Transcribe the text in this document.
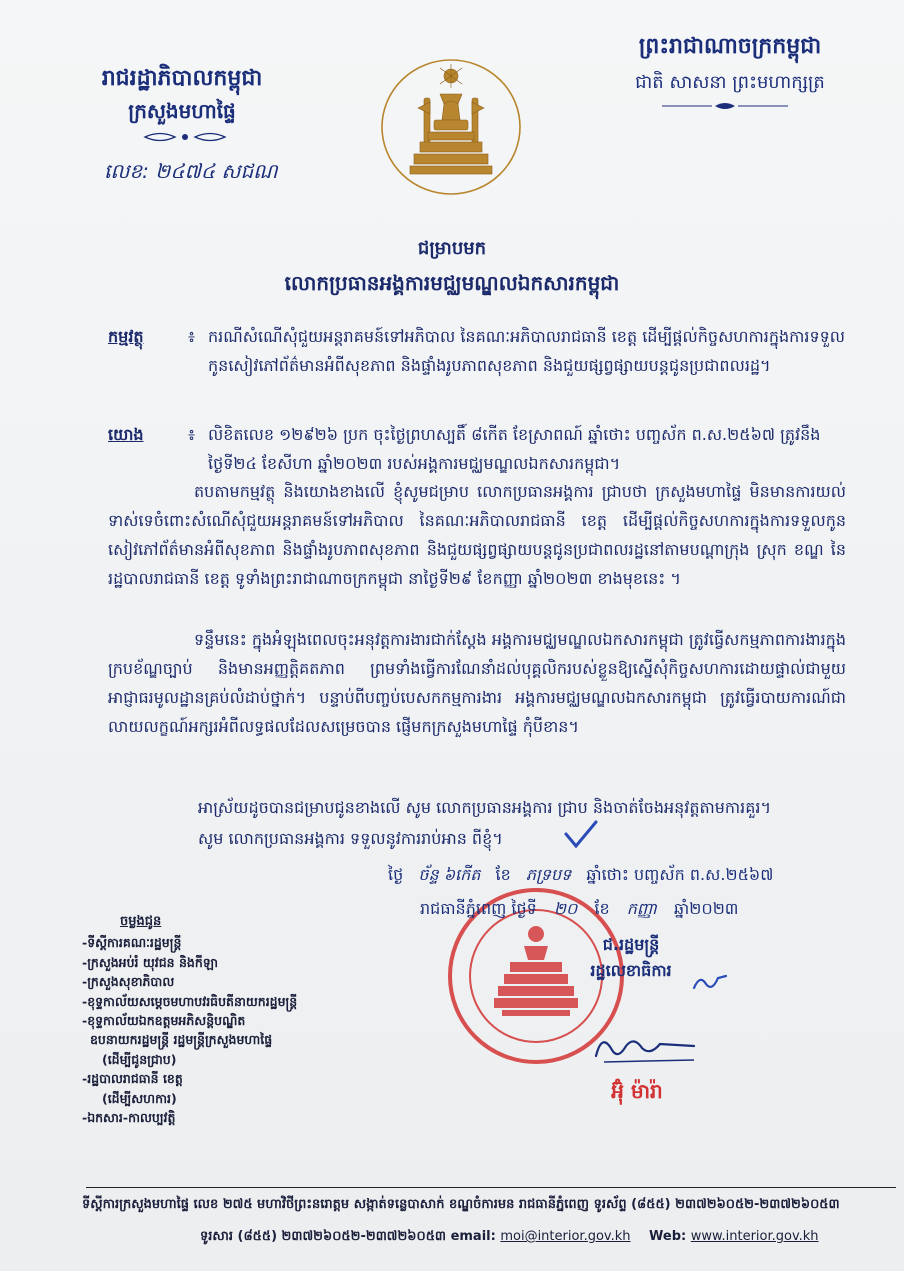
រាជរដ្ឋាភិបាលកម្ពុជា
ក្រសួងមហាផ្ទៃ
លេខ: ២៤៧៤ សជណ
ព្រះរាជាណាចក្រកម្ពុជា
ជាតិ សាសនា ព្រះមហាក្សត្រ
ជម្រាបមក
លោកប្រធានអង្គការមជ្ឈមណ្ឌលឯកសារកម្ពុជា
កម្មវត្ថុ	៖ ករណីសំណើសុំជួយអន្តរាគមន៍ទៅអភិបាល នៃគណៈអភិបាលរាជធានី ខេត្ត ដើម្បីផ្តល់កិច្ចសហការក្នុងការទទួលកូនសៀវភៅព័ត៌មានអំពីសុខភាព និងផ្ទាំងរូបភាពសុខភាព និងជួយផ្សព្វផ្សាយបន្តជូនប្រជាពលរដ្ឋ។
យោង	៖ លិខិតលេខ ១២៩២៦ ប្រក ចុះថ្ងៃព្រហស្បតិ៍ ៨កើត ខែស្រាពណ៍ ឆ្នាំថោះ បញ្ចស័ក ព.ស.២៥៦៧ ត្រូវនឹងថ្ងៃទី២៤ ខែសីហា ឆ្នាំ២០២៣ របស់អង្គការមជ្ឈមណ្ឌលឯកសារកម្ពុជា។
តបតាមកម្មវត្ថុ និងយោងខាងលើ ខ្ញុំសូមជម្រាប លោកប្រធានអង្គការ ជ្រាបថា ក្រសួងមហាផ្ទៃ មិនមានការយល់ទាស់ទេចំពោះសំណើសុំជួយអន្តរាគមន៍ទៅអភិបាល នៃគណៈអភិបាលរាជធានី ខេត្ត ដើម្បីផ្តល់កិច្ចសហការក្នុងការទទួលកូនសៀវភៅព័ត៌មានអំពីសុខភាព និងផ្ទាំងរូបភាពសុខភាព និងជួយផ្សព្វផ្សាយបន្តជូនប្រជាពលរដ្ឋនៅតាមបណ្តាក្រុង ស្រុក ខណ្ឌ នៃរដ្ឋបាលរាជធានី ខេត្ត ទូទាំងព្រះរាជាណាចក្រកម្ពុជា នាថ្ងៃទី២៩ ខែកញ្ញា ឆ្នាំ២០២៣ ខាងមុខនេះ ។
ទន្ទឹមនេះ ក្នុងអំឡុងពេលចុះអនុវត្តការងារជាក់ស្តែង អង្គការមជ្ឈមណ្ឌលឯកសារកម្ពុជា ត្រូវធ្វើសកម្មភាពការងារក្នុងក្របខ័ណ្ឌច្បាប់ និងមានអញ្ញត្តិគតភាព ព្រមទាំងធ្វើការណែនាំដល់បុគ្គលិករបស់ខ្លួនឱ្យស្នើសុំកិច្ចសហការដោយផ្ទាល់ជាមួយអាជ្ញាធរមូលដ្ឋានគ្រប់លំដាប់ថ្នាក់។ បន្ទាប់ពីបញ្ចប់បេសកកម្មការងារ អង្គការមជ្ឈមណ្ឌលឯកសារកម្ពុជា ត្រូវធ្វើរបាយការណ៍ជាលាយលក្ខណ៍អក្សរអំពីលទ្ធផលដែលសម្រេចបាន ផ្ញើមកក្រសួងមហាផ្ទៃ កុំបីខាន។
អាស្រ័យដូចបានជម្រាបជូនខាងលើ សូម លោកប្រធានអង្គការ ជ្រាប និងចាត់ចែងអនុវត្តតាមការគួរ។
សូម លោកប្រធានអង្គការ ទទួលនូវការរាប់អាន ពីខ្ញុំ។
ថ្ងៃ ច័ន្ទ ៦កើត ខែ ភទ្របទ ឆ្នាំថោះ បញ្ចស័ក ព.ស.២៥៦៧
រាជធានីភ្នំពេញ ថ្ងៃទី ២០ ខែ កញ្ញា ឆ្នាំ២០២៣
ជ.រដ្ឋមន្ត្រី
រដ្ឋលេខាធិការ
អ៊ុំ ម៉ារ៉ា
ចម្លងជូន
-ទីស្តីការគណៈរដ្ឋមន្ត្រី
-ក្រសួងអប់រំ យុវជន និងកីឡា
-ក្រសួងសុខាភិបាល
-ខុទ្ទកាល័យសម្តេចមហាបវរធិបតីនាយករដ្ឋមន្ត្រី
-ខុទ្ទកាល័យឯកឧត្តមអភិសន្តិបណ្ឌិត
ឧបនាយករដ្ឋមន្ត្រី រដ្ឋមន្ត្រីក្រសួងមហាផ្ទៃ
(ដើម្បីជូនជ្រាប)
-រដ្ឋបាលរាជធានី ខេត្ត
(ដើម្បីសហការ)
-ឯកសារ-កាលប្បវត្តិ
ទីស្តីការក្រសួងមហាផ្ទៃ លេខ ២៧៥ មហាវិថីព្រះនរោត្តម សង្កាត់ទន្លេបាសាក់ ខណ្ឌចំការមន រាជធានីភ្នំពេញ ទូរស័ព្ទ (៨៥៥) ២៣៧២៦០៥២-២៣៧២៦០៥៣
ទូរសារ (៨៥៥) ២៣៧២៦០៥២-២៣៧២៦០៥៣ email: moi@interior.gov.kh Web: www.interior.gov.kh
